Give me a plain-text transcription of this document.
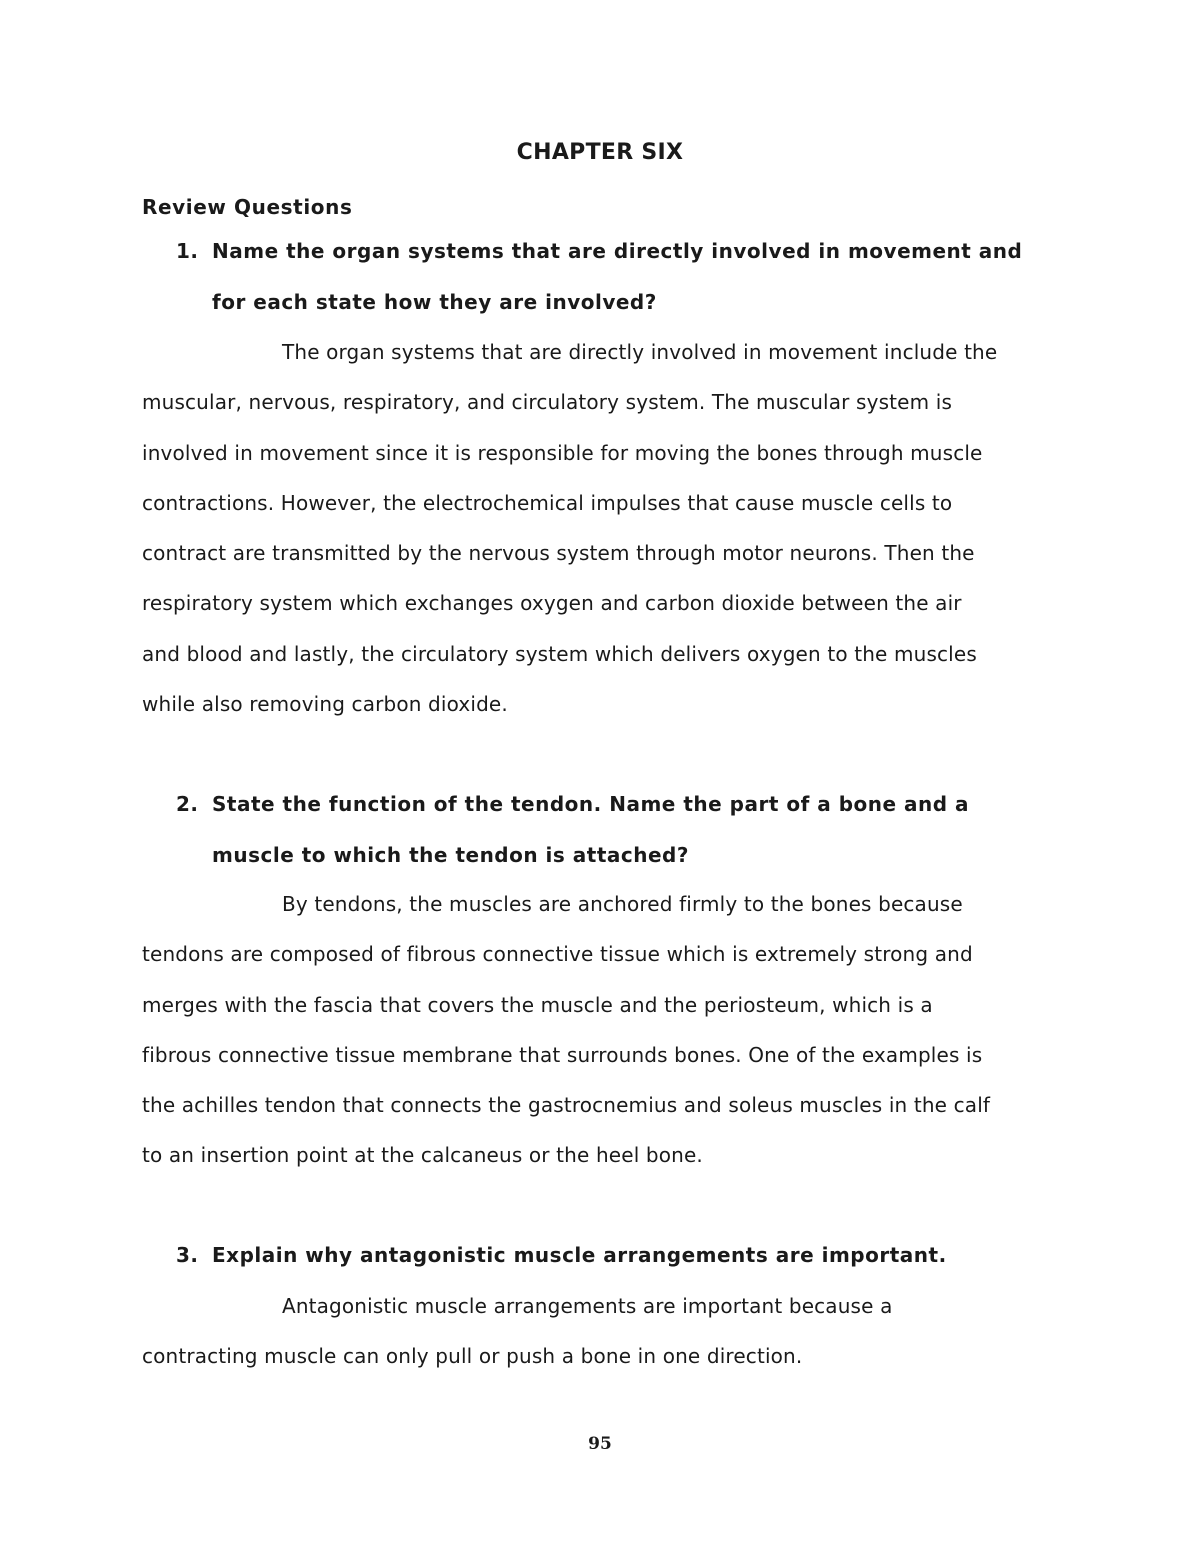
CHAPTER SIX
Review Questions
1. Name the organ systems that are directly involved in movement and
for each state how they are involved?
The organ systems that are directly involved in movement include the
muscular, nervous, respiratory, and circulatory system. The muscular system is
involved in movement since it is responsible for moving the bones through muscle
contractions. However, the electrochemical impulses that cause muscle cells to
contract are transmitted by the nervous system through motor neurons. Then the
respiratory system which exchanges oxygen and carbon dioxide between the air
and blood and lastly, the circulatory system which delivers oxygen to the muscles
while also removing carbon dioxide.
2. State the function of the tendon. Name the part of a bone and a
muscle to which the tendon is attached?
By tendons, the muscles are anchored firmly to the bones because
tendons are composed of fibrous connective tissue which is extremely strong and
merges with the fascia that covers the muscle and the periosteum, which is a
fibrous connective tissue membrane that surrounds bones. One of the examples is
the achilles tendon that connects the gastrocnemius and soleus muscles in the calf
to an insertion point at the calcaneus or the heel bone.
3. Explain why antagonistic muscle arrangements are important.
Antagonistic muscle arrangements are important because a
contracting muscle can only pull or push a bone in one direction.
95
